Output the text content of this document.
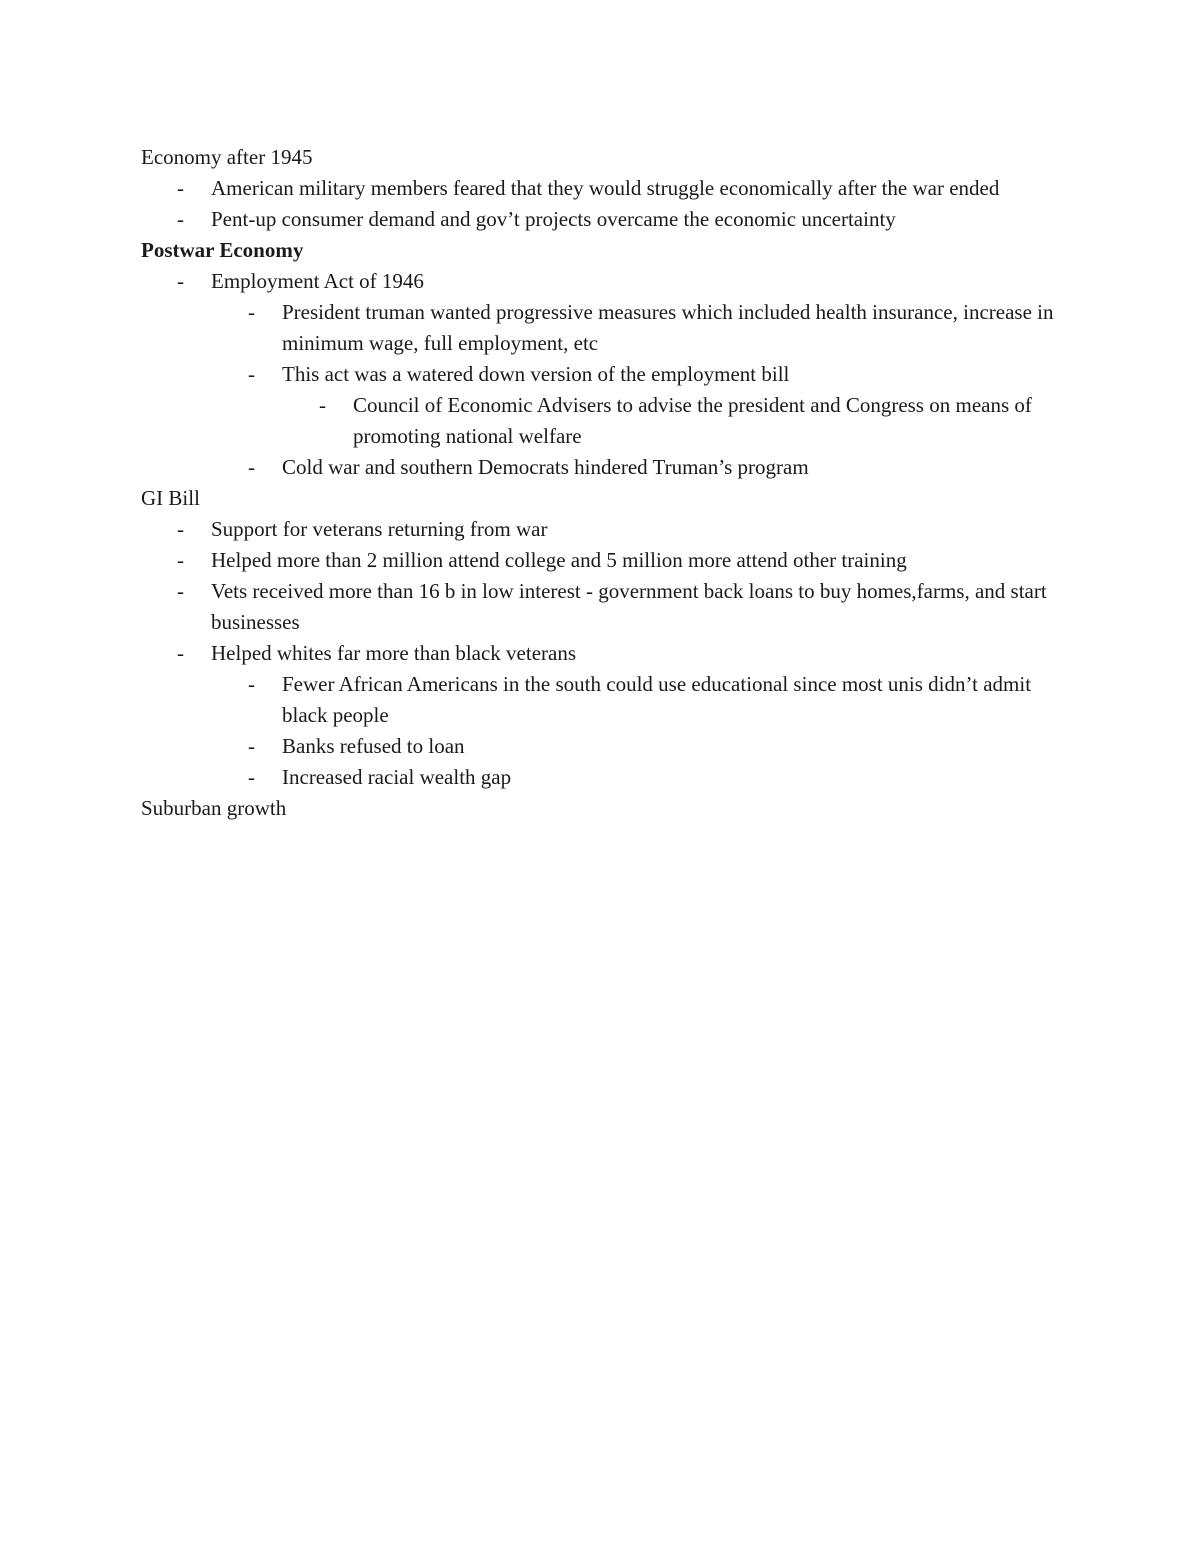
Economy after 1945

- American military members feared that they would struggle economically after the war ended
- Pent-up consumer demand and gov’t projects overcame the economic uncertainty

Postwar Economy

- Employment Act of 1946
- President truman wanted progressive measures which included health insurance, increase in minimum wage, full employment, etc
- This act was a watered down version of the employment bill
- Council of Economic Advisers to advise the president and Congress on means of promoting national welfare
- Cold war and southern Democrats hindered Truman’s program

GI Bill

- Support for veterans returning from war
- Helped more than 2 million attend college and 5 million more attend other training
- Vets received more than 16 b in low interest - government back loans to buy homes,farms, and start businesses
- Helped whites far more than black veterans
- Fewer African Americans in the south could use educational since most unis didn’t admit black people
- Banks refused to loan
- Increased racial wealth gap

Suburban growth
